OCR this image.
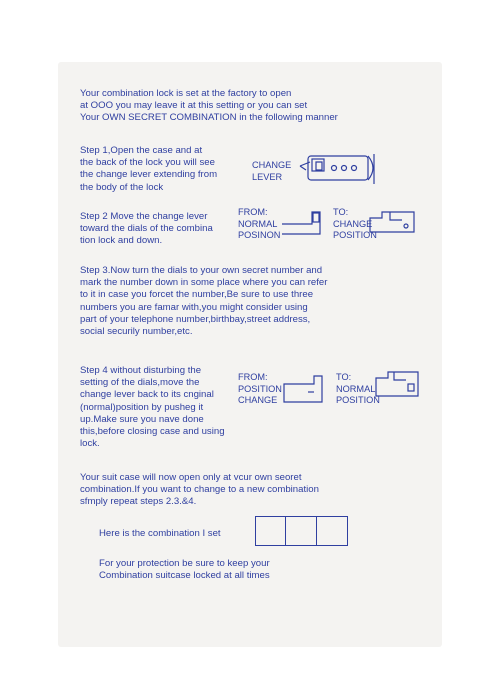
Your combination lock is set at the factory to open
at OOO you may leave it at this setting or you can set
Your OWN SECRET COMBINATION in the following manner
Step 1,Open the case and at
the back of the lock you will see
the change lever extending from
the body of the lock
CHANGE
LEVER
Step 2 Move the change lever
toward the dials of the combina
tion lock and down.
FROM:
NORMAL
POSINON
TO:
CHANGE
POSITION
Step 3.Now turn the dials to your own secret number and
mark the number down in some place where you can refer
to it in case you forcet the number,Be sure to use three
numbers you are famar with,you might consider using
part of your telephone number,birthbay,street address,
social securily number,etc.
Step 4 without disturbing the
setting of the dials,move the
change lever back to its cnginal
(normal)position by pusheg it
up.Make sure you nave done
this,before closing case and using
lock.
FROM:
POSITION
CHANGE
TO:
NORMAL
POSITION
Your suit case will now open only at vcur own seoret
combination.If you want to change to a new combination
sfmply repeat steps 2.3.&4.
Here is the combination I set
For your protection be sure to keep your
Combination suitcase locked at all times
